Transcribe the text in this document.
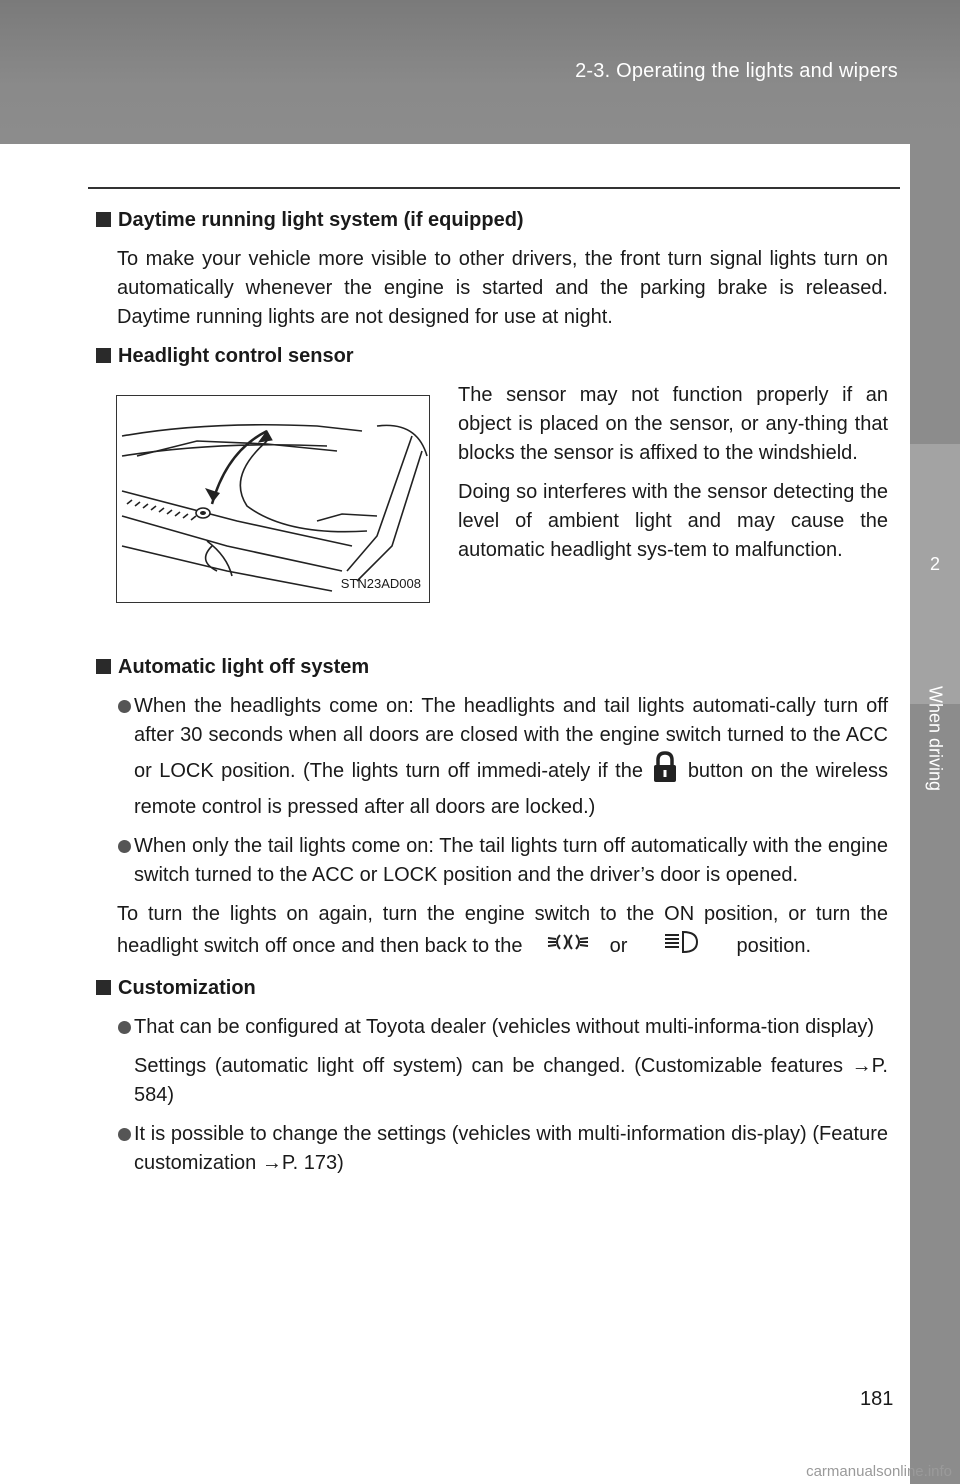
2-3. Operating the lights and wipers
2
When driving
Daytime running light system (if equipped)

To make your vehicle more visible to other drivers, the front turn signal lights turn on automatically whenever the engine is started and the parking brake is released. Daytime running lights are not designed for use at night.

Headlight control sensor
STN23AD008

The sensor may not function properly if an object is placed on the sensor, or any-thing that blocks the sensor is affixed to the windshield.

Doing so interferes with the sensor detecting the level of ambient light and may cause the automatic headlight sys-tem to malfunction.

Automatic light off system
When the headlights come on: The headlights and tail lights automati-cally turn off after 30 seconds when all doors are closed with the engine switch turned to the ACC or LOCK position. (The lights turn off immedi-ately if the button on the wireless remote control is pressed after all doors are locked.)
When only the tail lights come on: The tail lights turn off automatically with the engine switch turned to the ACC or LOCK position and the driver’s door is opened.

To turn the lights on again, turn the engine switch to the ON position, or turn the headlight switch off once and then back to the	or	position.

Customization
That can be configured at Toyota dealer (vehicles without multi-informa-tion display)

Settings (automatic light off system) can be changed. (Customizable features →P. 584)

It is possible to change the settings (vehicles with multi-information dis-play) (Feature customization →P. 173)
181
carmanualsonline.info
